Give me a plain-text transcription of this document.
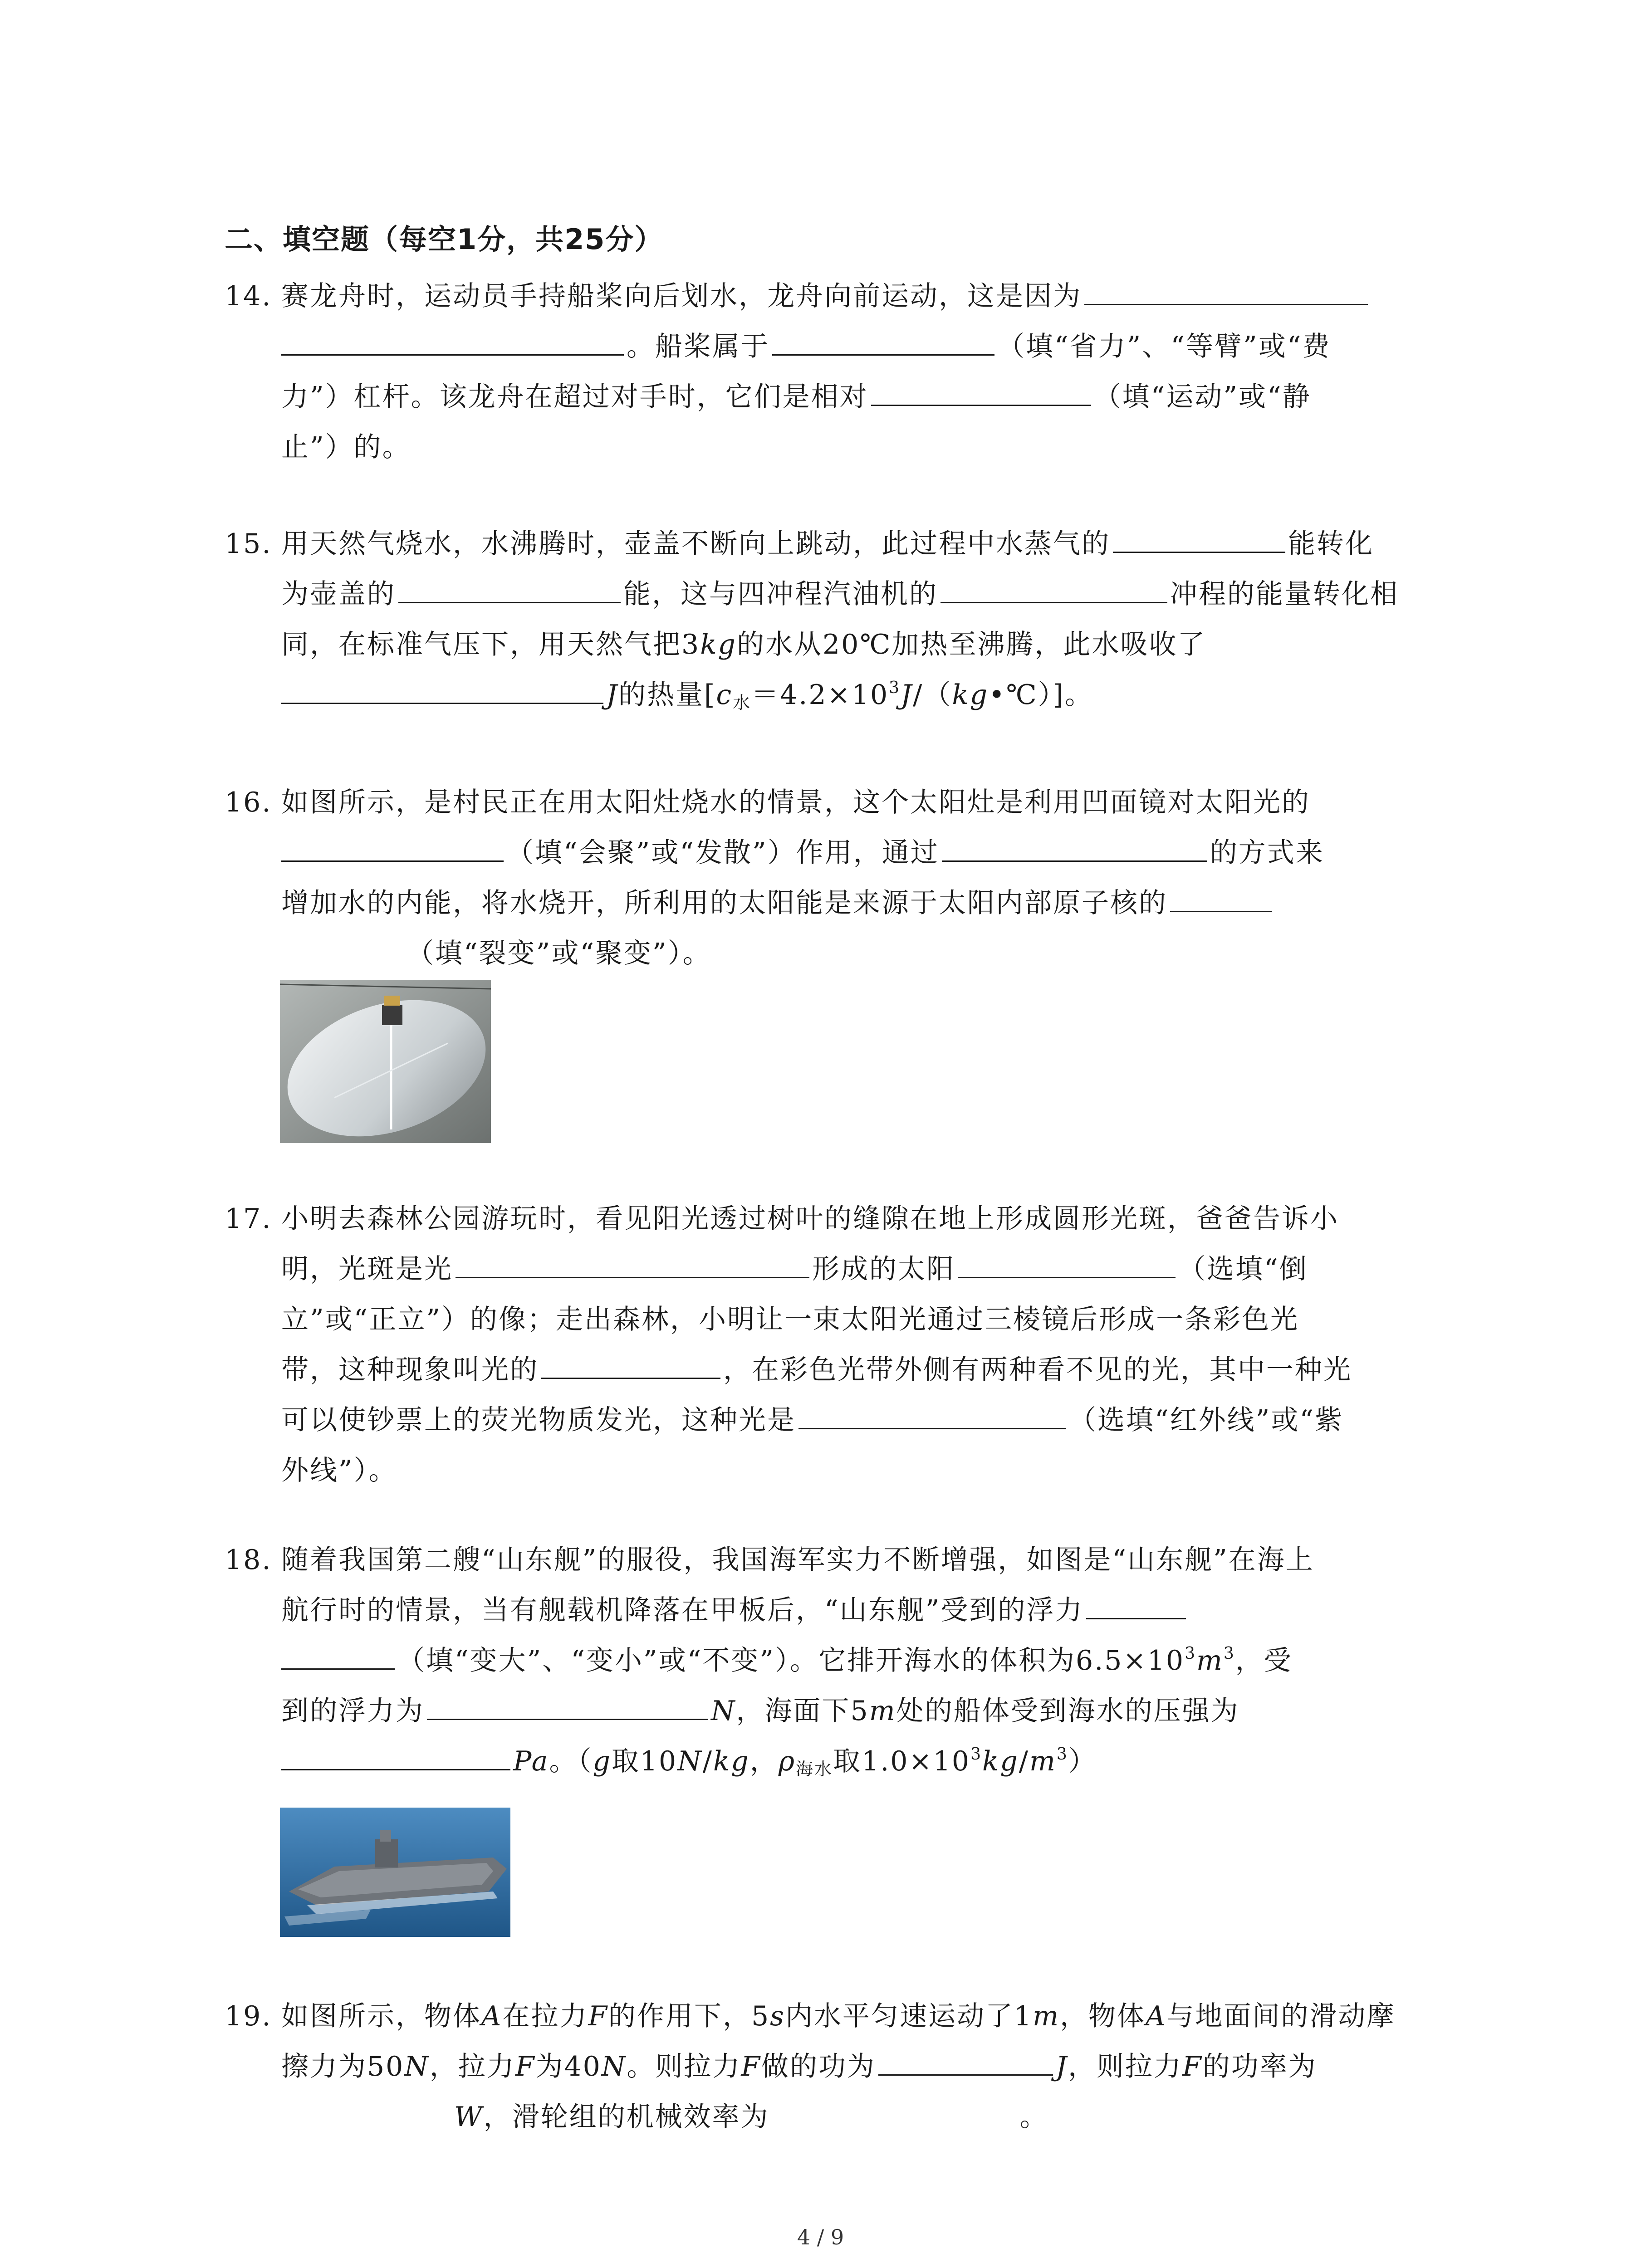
二、填空题（每空1分，共25分）
14. 赛龙舟时，运动员手持船桨向后划水，龙舟向前运动，这是因为
。船桨属于	（填“省力”、“等臂”或“费
力”）杠杆。该龙舟在超过对手时，它们是相对	（填“运动”或“静
止”）的。
15. 用天然气烧水，水沸腾时，壶盖不断向上跳动，此过程中水蒸气的	能转化
为壶盖的	能，这与四冲程汽油机的	冲程的能量转化相
同，在标准气压下，用天然气把3kg的水从20℃加热至沸腾，此水吸收了
J的热量$[c_水=4.2\times 10^3J/(kg•℃)]$。
16. 如图所示，是村民正在用太阳灶烧水的情景，这个太阳灶是利用凹面镜对太阳光的
（填“会聚”或“发散”）作用，通过	的方式来
增加水的内能，将水烧开，所利用的太阳能是来源于太阳内部原子核的
（填“裂变”或“聚变”）。
17. 小明去森林公园游玩时，看见阳光透过树叶的缝隙在地上形成圆形光斑，爸爸告诉小
明，光斑是光	形成的太阳	（选填“倒
立”或“正立”）的像；走出森林，小明让一束太阳光通过三棱镜后形成一条彩色光
带，这种现象叫光的	，在彩色光带外侧有两种看不见的光，其中一种光
可以使钞票上的荧光物质发光，这种光是	（选填“红外线”或“紫
外线”）。
18. 随着我国第二艘“山东舰”的服役，我国海军实力不断增强，如图是“山东舰”在海上
航行时的情景，当有舰载机降落在甲板后，“山东舰”受到的浮力
（填“变大”、“变小”或“不变”）。它排开海水的体积为$6.5\times 10^3m^3$，受
到的浮力为	N，海面下5m处的船体受到海水的压强为
Pa。（g取10N/kg，$\rho_{海水}$取$1.0\times 10^3kg/m^3$）
19. 如图所示，物体A在拉力F的作用下，5s内水平匀速运动了1m，物体A与地面间的滑动摩
擦力为50N，拉力F为40N。则拉力F做的功为	J，则拉力F的功率为
W，滑轮组的机械效率为	。
4 / 9
